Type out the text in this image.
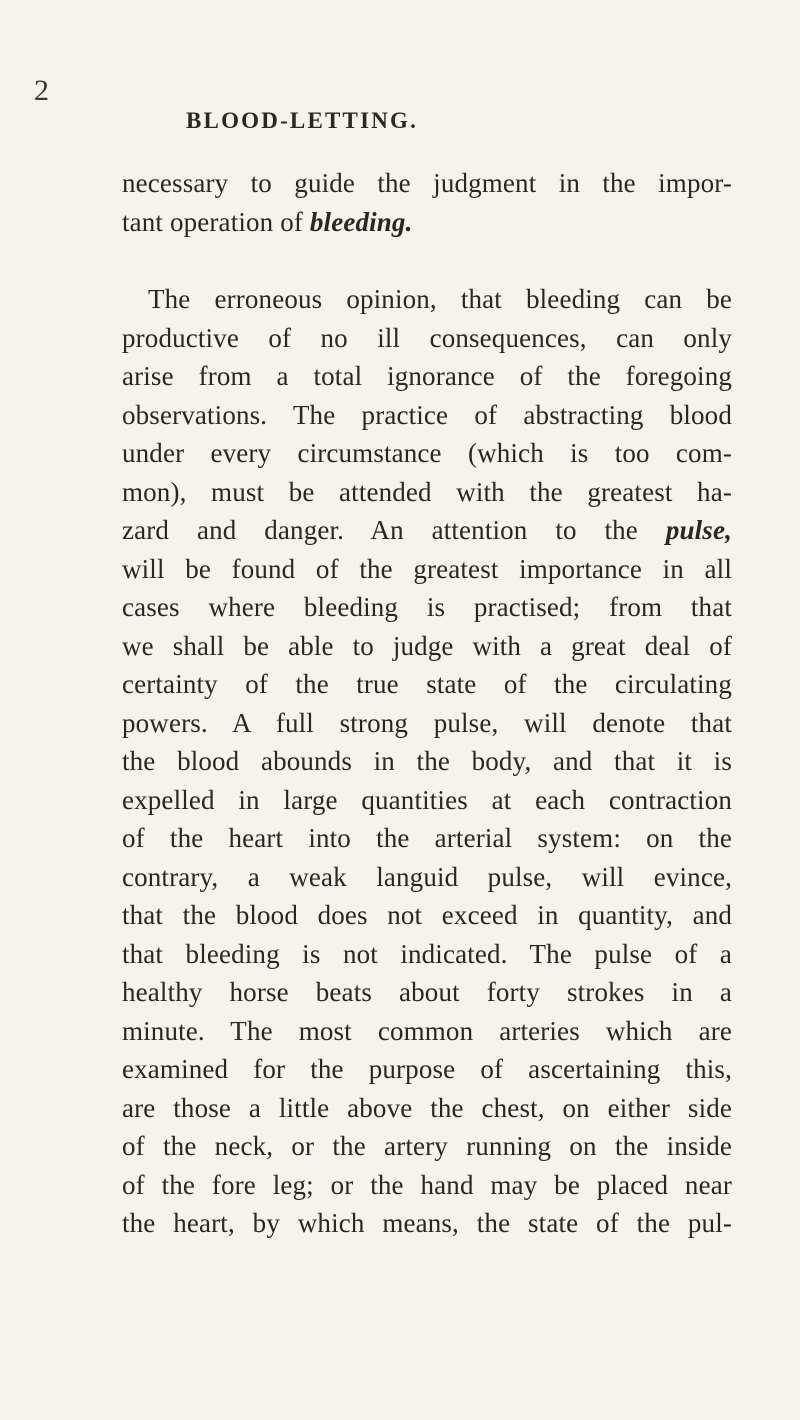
2
BLOOD-LETTING.
necessary to guide the judgment in the impor-
tant operation of bleeding.
The erroneous opinion, that bleeding can be
productive of no ill consequences, can only
arise from a total ignorance of the foregoing
observations. The practice of abstracting blood
under every circumstance (which is too com-
mon), must be attended with the greatest ha-
zard and danger. An attention to the pulse,
will be found of the greatest importance in all
cases where bleeding is practised; from that
we shall be able to judge with a great deal of
certainty of the true state of the circulating
powers. A full strong pulse, will denote that
the blood abounds in the body, and that it is
expelled in large quantities at each contraction
of the heart into the arterial system: on the
contrary, a weak languid pulse, will evince,
that the blood does not exceed in quantity, and
that bleeding is not indicated. The pulse of a
healthy horse beats about forty strokes in a
minute. The most common arteries which are
examined for the purpose of ascertaining this,
are those a little above the chest, on either side
of the neck, or the artery running on the inside
of the fore leg; or the hand may be placed near
the heart, by which means, the state of the pul-
